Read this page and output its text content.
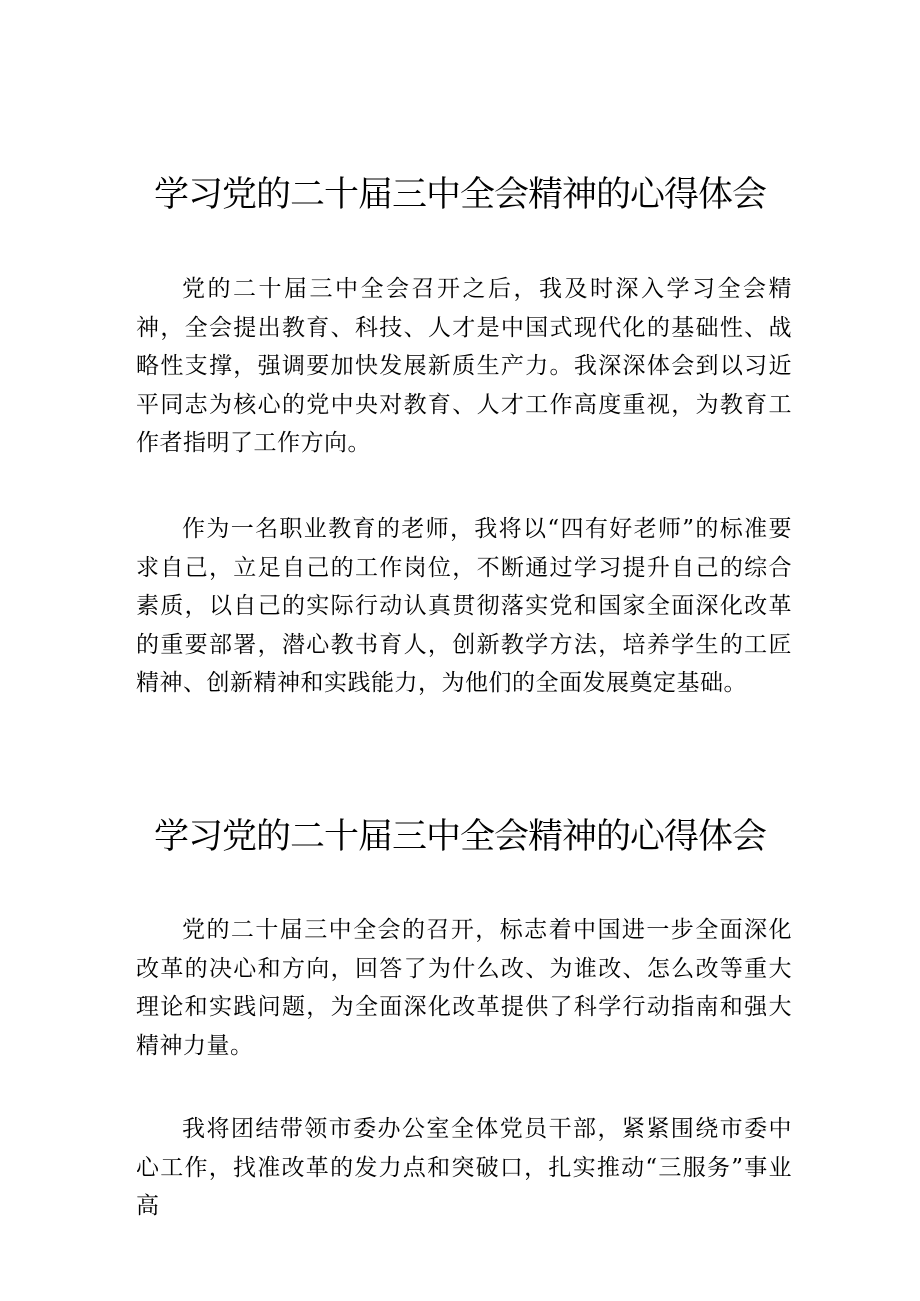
学习党的二十届三中全会精神的心得体会

党的二十届三中全会召开之后，我及时深入学习全会精神，全会提出教育、科技、人才是中国式现代化的基础性、战略性支撑，强调要加快发展新质生产力。我深深体会到以习近平同志为核心的党中央对教育、人才工作高度重视，为教育工作者指明了工作方向。

作为一名职业教育的老师，我将以“四有好老师”的标准要求自己，立足自己的工作岗位，不断通过学习提升自己的综合素质，以自己的实际行动认真贯彻落实党和国家全面深化改革的重要部署，潜心教书育人，创新教学方法，培养学生的工匠精神、创新精神和实践能力，为他们的全面发展奠定基础。

学习党的二十届三中全会精神的心得体会

党的二十届三中全会的召开，标志着中国进一步全面深化改革的决心和方向，回答了为什么改、为谁改、怎么改等重大理论和实践问题，为全面深化改革提供了科学行动指南和强大精神力量。

我将团结带领市委办公室全体党员干部，紧紧围绕市委中心工作，找准改革的发力点和突破口，扎实推动“三服务”事业高
